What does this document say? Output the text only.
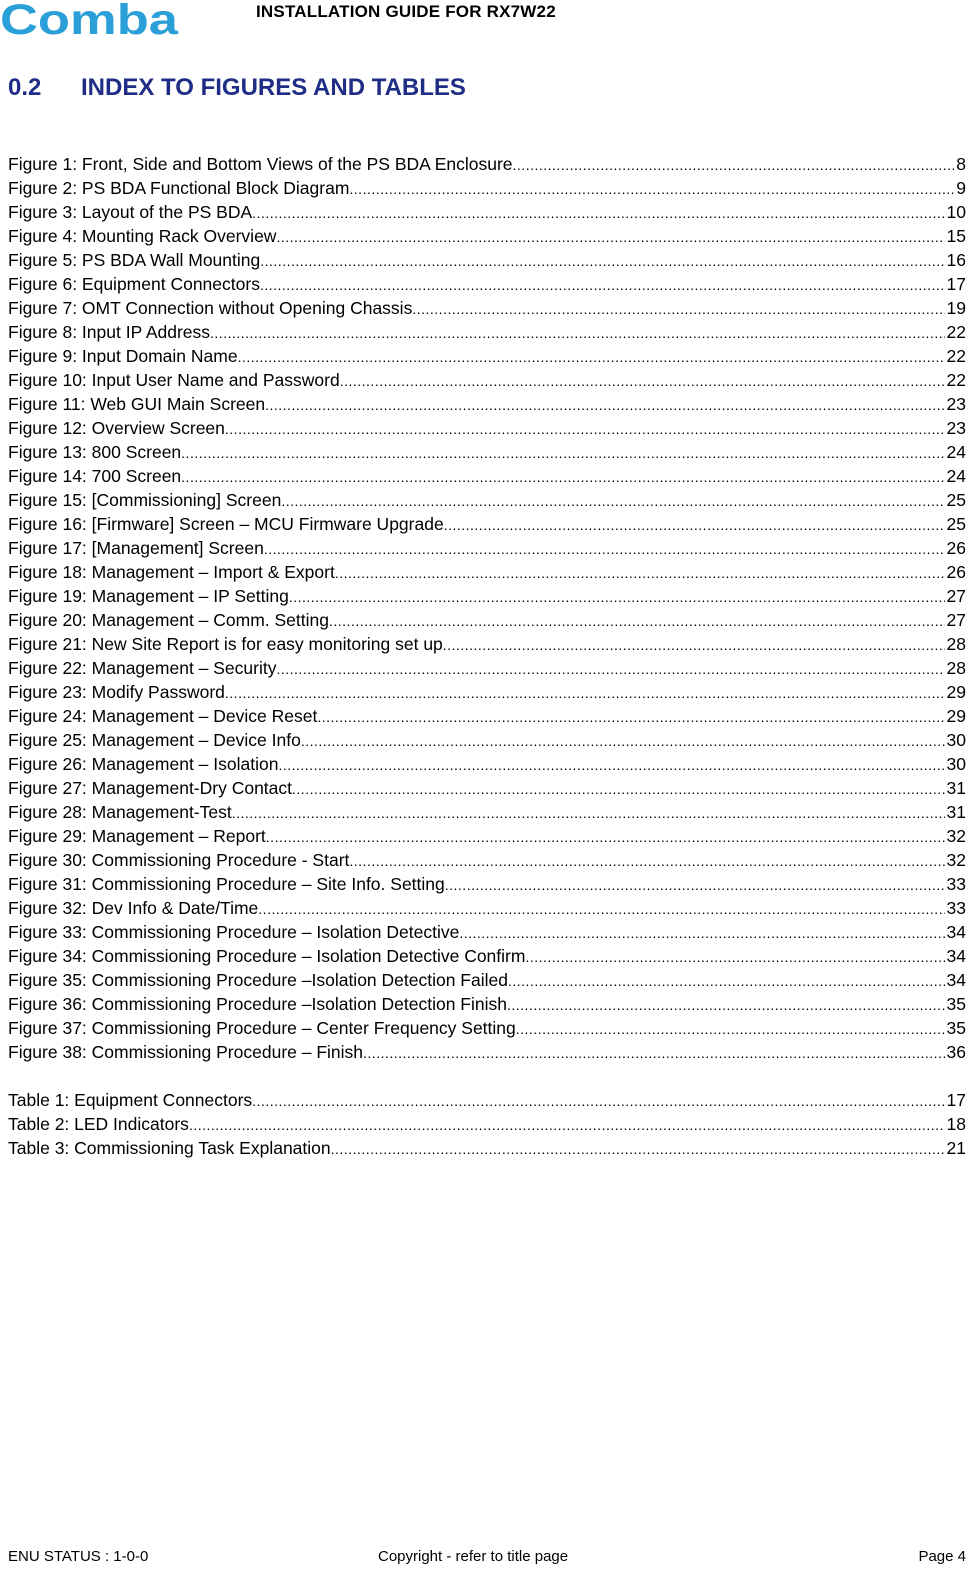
Comba	INSTALLATION GUIDE FOR RX7W22
0.2 INDEX TO FIGURES AND TABLES
Figure 1: Front, Side and Bottom Views of the PS BDA Enclosure .....	8
Figure 2: PS BDA Functional Block Diagram .....	9
Figure 3: Layout of the PS BDA .....	10
Figure 4: Mounting Rack Overview .....	15
Figure 5: PS BDA Wall Mounting .....	16
Figure 6: Equipment Connectors .....	17
Figure 7: OMT Connection without Opening Chassis .....	19
Figure 8: Input IP Address .....	22
Figure 9: Input Domain Name .....	22
Figure 10: Input User Name and Password .....	22
Figure 11: Web GUI Main Screen .....	23
Figure 12: Overview Screen .....	23
Figure 13: 800 Screen .....	24
Figure 14: 700 Screen .....	24
Figure 15: [Commissioning] Screen .....	25
Figure 16: [Firmware] Screen – MCU Firmware Upgrade .....	25
Figure 17: [Management] Screen .....	26
Figure 18: Management – Import & Export .....	26
Figure 19: Management – IP Setting .....	27
Figure 20: Management – Comm. Setting .....	27
Figure 21: New Site Report is for easy monitoring set up .....	28
Figure 22: Management – Security .....	28
Figure 23: Modify Password .....	29
Figure 24: Management – Device Reset .....	29
Figure 25: Management – Device Info .....	30
Figure 26: Management – Isolation .....	30
Figure 27: Management-Dry Contact .....	31
Figure 28: Management-Test .....	31
Figure 29: Management – Report .....	32
Figure 30: Commissioning Procedure - Start .....	32
Figure 31: Commissioning Procedure – Site Info. Setting .....	33
Figure 32: Dev Info & Date/Time .....	33
Figure 33: Commissioning Procedure – Isolation Detective .....	34
Figure 34: Commissioning Procedure – Isolation Detective Confirm .....	34
Figure 35: Commissioning Procedure –Isolation Detection Failed .....	34
Figure 36: Commissioning Procedure –Isolation Detection Finish .....	35
Figure 37: Commissioning Procedure – Center Frequency Setting .....	35
Figure 38: Commissioning Procedure – Finish .....	36
Table 1: Equipment Connectors .....	17
Table 2: LED Indicators .....	18
Table 3: Commissioning Task Explanation .....	21
ENU STATUS : 1-0-0	Copyright - refer to title page	Page 4
